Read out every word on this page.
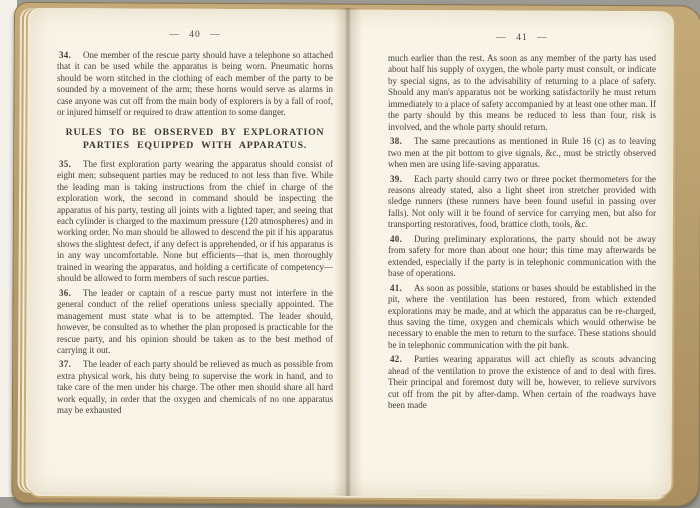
— 40 —
34. One member of the rescue party should have a telephone so attached that it can be used while the apparatus is being worn. Pneumatic horns should be worn stitched in the clothing of each member of the party to be sounded by a movement of the arm; these horns would serve as alarms in case anyone was cut off from the main body of explorers is by a fall of roof, or injured himself or required to draw attention to some danger.
RULES TO BE OBSERVED BY EXPLORATION
PARTIES EQUIPPED WITH APPARATUS.
35. The first exploration party wearing the apparatus should consist of eight men; subsequent parties may be reduced to not less than five. While the leading man is taking instructions from the chief in charge of the exploration work, the second in command should be inspecting the apparatus of his party, testing all joints with a lighted taper, and seeing that each cylinder is charged to the maximum pressure (120 atmospheres) and in working order. No man should be allowed to descend the pit if his apparatus shows the slightest defect, if any defect is apprehended, or if his apparatus is in any way uncomfortable. None but efficients—that is, men thoroughly trained in wearing the apparatus, and holding a certificate of competency—should be allowed to form members of such rescue parties.
36. The leader or captain of a rescue party must not interfere in the general conduct of the relief operations unless specially appointed. The management must state what is to be attempted. The leader should, however, be consulted as to whether the plan proposed is practicable for the rescue party, and his opinion should be taken as to the best method of carrying it out.
37. The leader of each party should be relieved as much as possible from extra physical work, his duty being to supervise the work in hand, and to take care of the men under his charge. The other men should share all hard work equally, in order that the oxygen and chemicals of no one apparatus may be exhausted
— 41 —
much earlier than the rest. As soon as any member of the party has used about half his supply of oxygen, the whole party must consult, or indicate by special signs, as to the advisability of returning to a place of safety. Should any man's apparatus not be working satisfactorily he must return immediately to a place of safety accompanied by at least one other man. If the party should by this means be reduced to less than four, risk is involved, and the whole party should return.
38. The same precautions as mentioned in Rule 16 (c) as to leaving two men at the pit bottom to give signals, &c., must be strictly observed when men are using life-saving apparatus.
39. Each party should carry two or three pocket thermometers for the reasons already stated, also a light sheet iron stretcher provided with sledge runners (these runners have been found useful in passing over falls). Not only will it be found of service for carrying men, but also for transporting restoratives, food, brattice cloth, tools, &c.
40. During preliminary explorations, the party should not be away from safety for more than about one hour; this time may afterwards be extended, especially if the party is in telephonic communication with the base of operations.
41. As soon as possible, stations or bases should be established in the pit, where the ventilation has been restored, from which extended explorations may be made, and at which the apparatus can be re-charged, thus saving the time, oxygen and chemicals which would otherwise be necessary to enable the men to return to the surface. These stations should be in telephonic communication with the pit bank.
42. Parties wearing apparatus will act chiefly as scouts advancing ahead of the ventilation to prove the existence of and to deal with fires. Their principal and foremost duty will be, however, to relieve survivors cut off from the pit by after-damp. When certain of the roadways have been made
